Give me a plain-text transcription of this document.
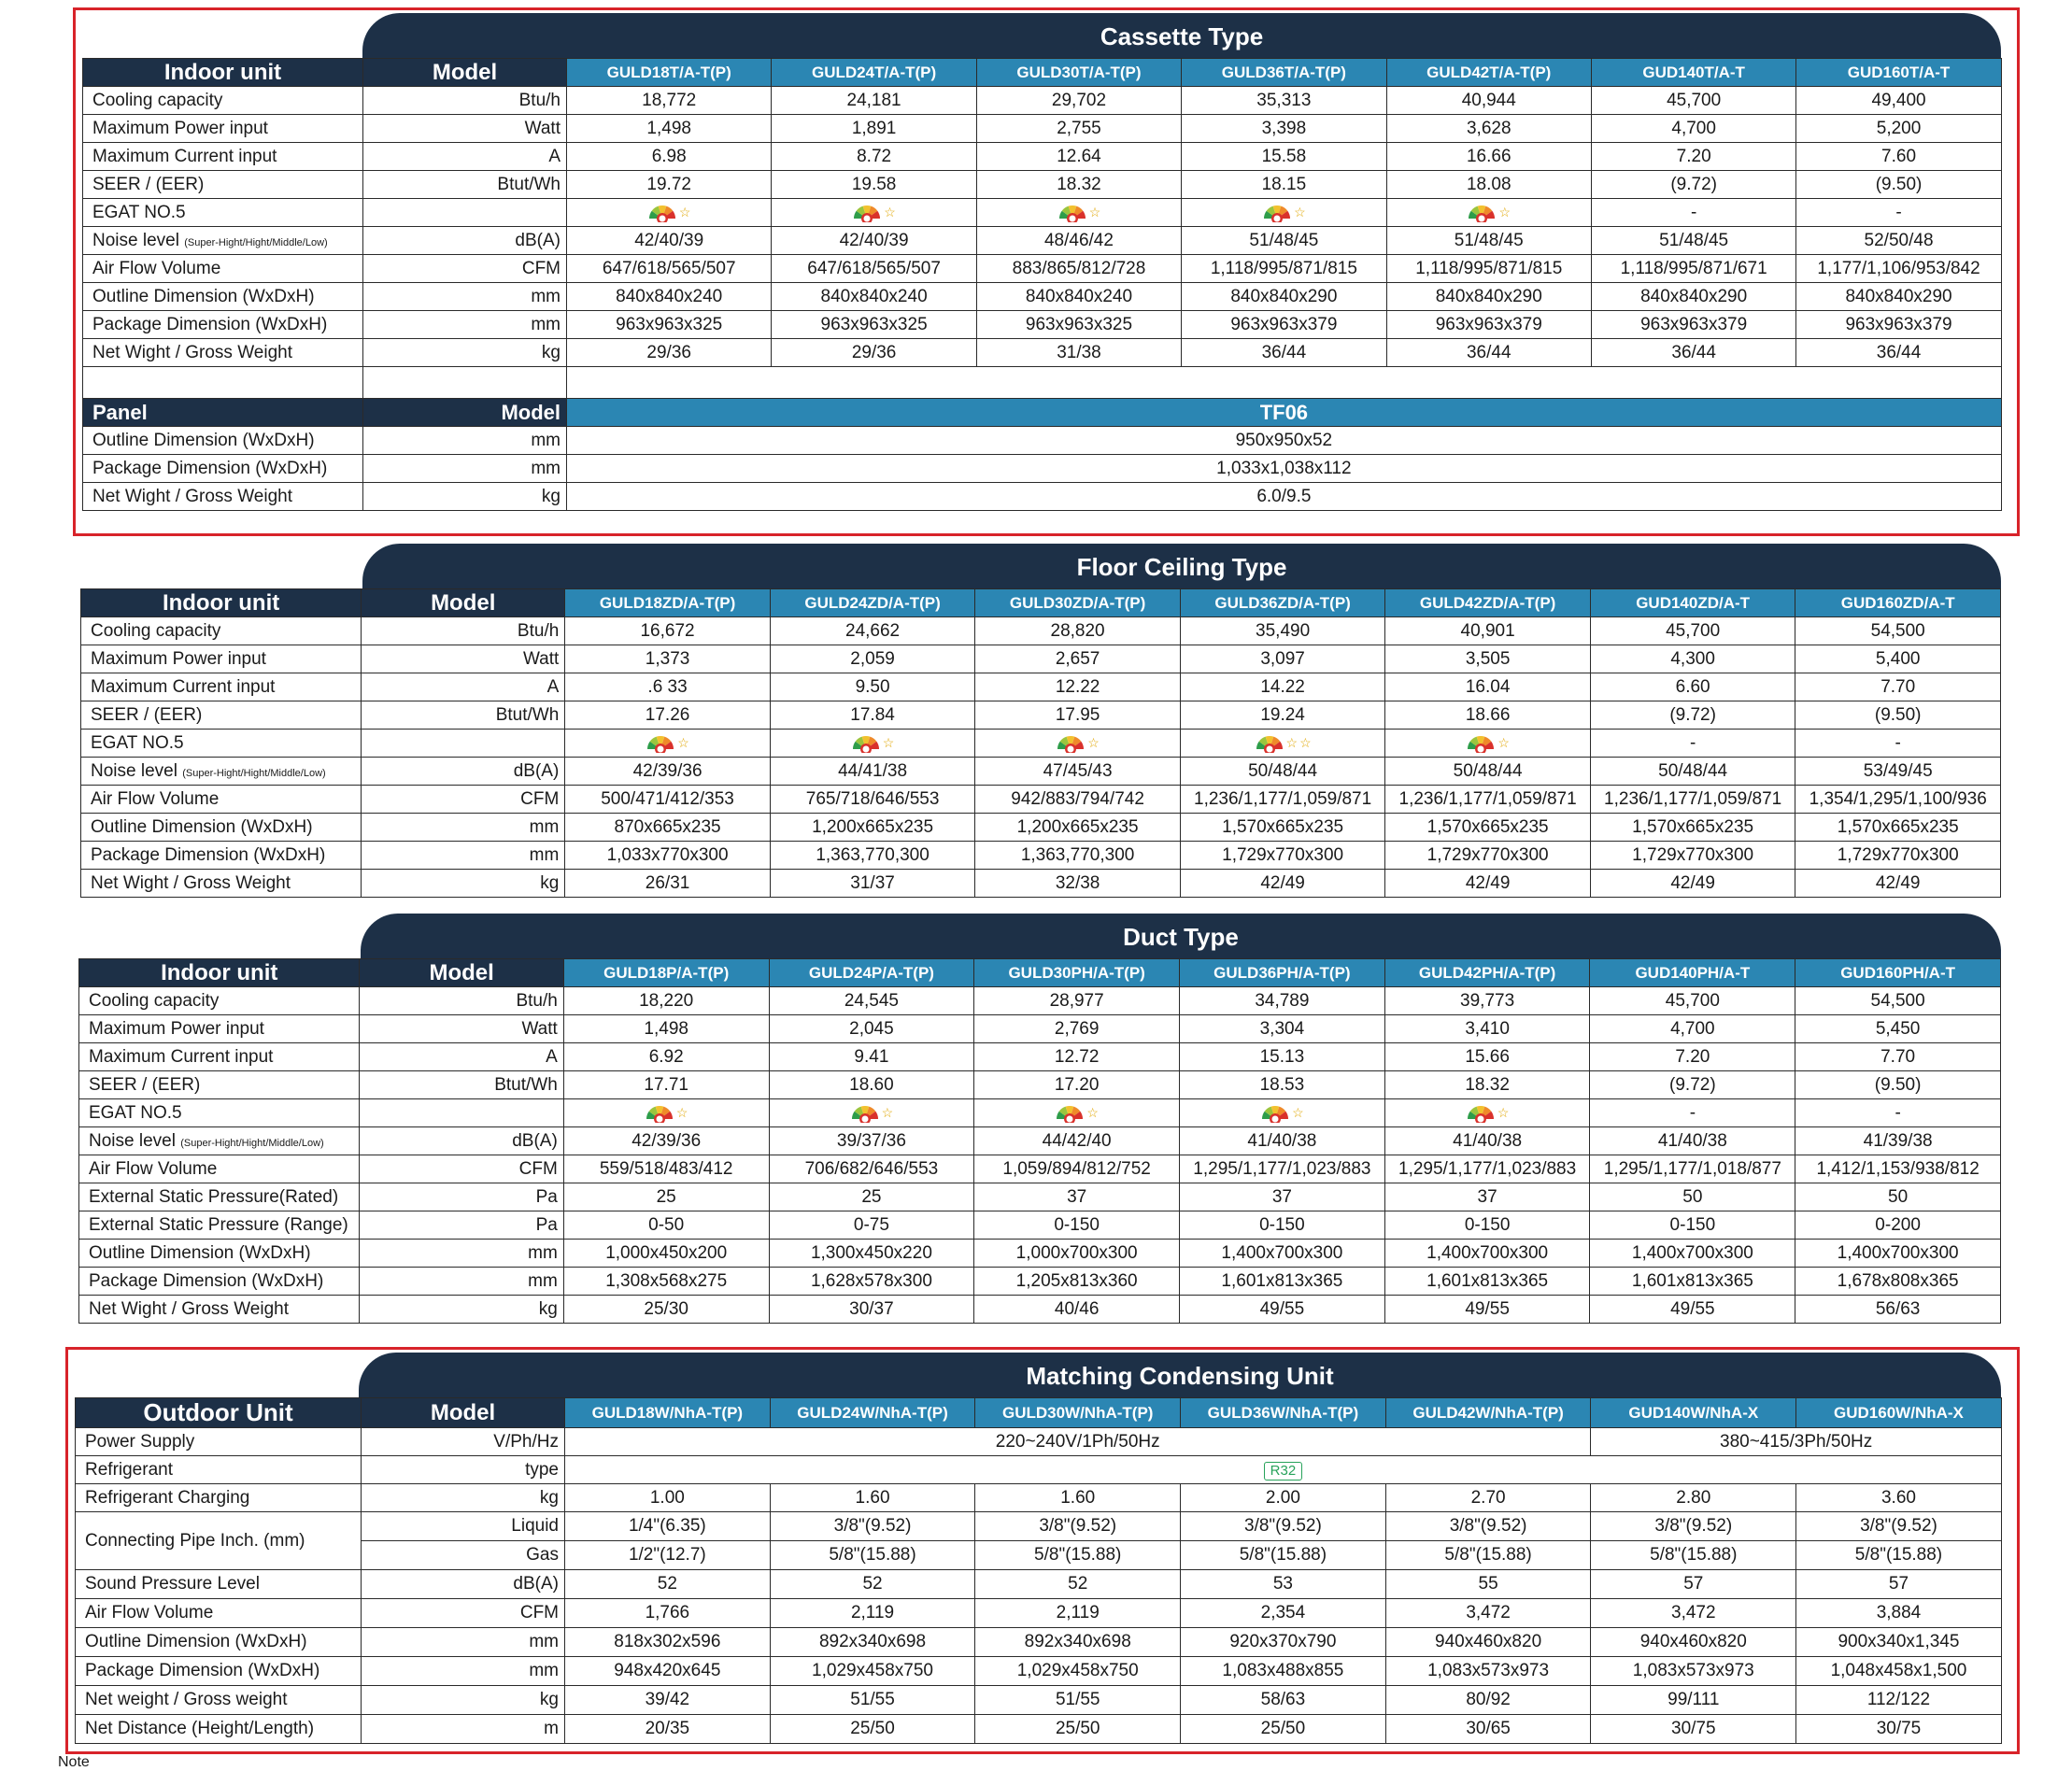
Cassette Type
Indoor unit	Model	GULD18T/A-T(P)	GULD24T/A-T(P)	GULD30T/A-T(P)	GULD36T/A-T(P)	GULD42T/A-T(P)	GUD140T/A-T	GUD160T/A-T
Cooling capacity	Btu/h	18,772	24,181	29,702	35,313	40,944	45,700	49,400
Maximum Power input	Watt	1,498	1,891	2,755	3,398	3,628	4,700	5,200
Maximum Current input	A	6.98	8.72	12.64	15.58	16.66	7.20	7.60
SEER / (EER)	Btut/Wh	19.72	19.58	18.32	18.15	18.08	(9.72)	(9.50)
EGAT NO.5		☆	☆	☆	☆	☆	-	-
Noise level (Super-Hight/Hight/Middle/Low)	dB(A)	42/40/39	42/40/39	48/46/42	51/48/45	51/48/45	51/48/45	52/50/48
Air Flow Volume	CFM	647/618/565/507	647/618/565/507	883/865/812/728	1,118/995/871/815	1,118/995/871/815	1,118/995/871/671	1,177/1,106/953/842
Outline Dimension (WxDxH)	mm	840x840x240	840x840x240	840x840x240	840x840x290	840x840x290	840x840x290	840x840x290
Package Dimension (WxDxH)	mm	963x963x325	963x963x325	963x963x325	963x963x379	963x963x379	963x963x379	963x963x379
Net Wight / Gross Weight	kg	29/36	29/36	31/38	36/44	36/44	36/44	36/44

Panel	Model	TF06						
Outline Dimension (WxDxH)	mm	950x950x52						
Package Dimension (WxDxH)	mm	1,033x1,038x112						
Net Wight / Gross Weight	kg	6.0/9.5						
Floor Ceiling Type
Indoor unit	Model	GULD18ZD/A-T(P)	GULD24ZD/A-T(P)	GULD30ZD/A-T(P)	GULD36ZD/A-T(P)	GULD42ZD/A-T(P)	GUD140ZD/A-T	GUD160ZD/A-T
Cooling capacity	Btu/h	16,672	24,662	28,820	35,490	40,901	45,700	54,500
Maximum Power input	Watt	1,373	2,059	2,657	3,097	3,505	4,300	5,400
Maximum Current input	A	.6 33	9.50	12.22	14.22	16.04	6.60	7.70
SEER / (EER)	Btut/Wh	17.26	17.84	17.95	19.24	18.66	(9.72)	(9.50)
EGAT NO.5		☆	☆	☆	☆ ☆	☆	-	-
Noise level (Super-Hight/Hight/Middle/Low)	dB(A)	42/39/36	44/41/38	47/45/43	50/48/44	50/48/44	50/48/44	53/49/45
Air Flow Volume	CFM	500/471/412/353	765/718/646/553	942/883/794/742	1,236/1,177/1,059/871	1,236/1,177/1,059/871	1,236/1,177/1,059/871	1,354/1,295/1,100/936
Outline Dimension (WxDxH)	mm	870x665x235	1,200x665x235	1,200x665x235	1,570x665x235	1,570x665x235	1,570x665x235	1,570x665x235
Package Dimension (WxDxH)	mm	1,033x770x300	1,363,770,300	1,363,770,300	1,729x770x300	1,729x770x300	1,729x770x300	1,729x770x300
Net Wight / Gross Weight	kg	26/31	31/37	32/38	42/49	42/49	42/49	42/49
Duct Type
Indoor unit	Model	GULD18P/A-T(P)	GULD24P/A-T(P)	GULD30PH/A-T(P)	GULD36PH/A-T(P)	GULD42PH/A-T(P)	GUD140PH/A-T	GUD160PH/A-T
Cooling capacity	Btu/h	18,220	24,545	28,977	34,789	39,773	45,700	54,500
Maximum Power input	Watt	1,498	2,045	2,769	3,304	3,410	4,700	5,450
Maximum Current input	A	6.92	9.41	12.72	15.13	15.66	7.20	7.70
SEER / (EER)	Btut/Wh	17.71	18.60	17.20	18.53	18.32	(9.72)	(9.50)
EGAT NO.5		☆	☆	☆	☆	☆	-	-
Noise level (Super-Hight/Hight/Middle/Low)	dB(A)	42/39/36	39/37/36	44/42/40	41/40/38	41/40/38	41/40/38	41/39/38
Air Flow Volume	CFM	559/518/483/412	706/682/646/553	1,059/894/812/752	1,295/1,177/1,023/883	1,295/1,177/1,023/883	1,295/1,177/1,018/877	1,412/1,153/938/812
External Static Pressure(Rated)	Pa	25	25	37	37	37	50	50
External Static Pressure (Range)	Pa	0-50	0-75	0-150	0-150	0-150	0-150	0-200
Outline Dimension (WxDxH)	mm	1,000x450x200	1,300x450x220	1,000x700x300	1,400x700x300	1,400x700x300	1,400x700x300	1,400x700x300
Package Dimension (WxDxH)	mm	1,308x568x275	1,628x578x300	1,205x813x360	1,601x813x365	1,601x813x365	1,601x813x365	1,678x808x365
Net Wight / Gross Weight	kg	25/30	30/37	40/46	49/55	49/55	49/55	56/63
Matching Condensing Unit
Outdoor Unit	Model	GULD18W/NhA-T(P)	GULD24W/NhA-T(P)	GULD30W/NhA-T(P)	GULD36W/NhA-T(P)	GULD42W/NhA-T(P)	GUD140W/NhA-X	GUD160W/NhA-X
Power Supply	V/Ph/Hz	220~240V/1Ph/50Hz					380~415/3Ph/50Hz	
Refrigerant	type	R32						
Refrigerant Charging	kg	1.00	1.60	1.60	2.00	2.70	2.80	3.60
Connecting Pipe Inch. (mm)	Liquid	1/4"(6.35)	3/8"(9.52)	3/8"(9.52)	3/8"(9.52)	3/8"(9.52)	3/8"(9.52)	3/8"(9.52)
	Gas	1/2"(12.7)	5/8"(15.88)	5/8"(15.88)	5/8"(15.88)	5/8"(15.88)	5/8"(15.88)	5/8"(15.88)
Sound Pressure Level	dB(A)	52	52	52	53	55	57	57
Air Flow Volume	CFM	1,766	2,119	2,119	2,354	3,472	3,472	3,884
Outline Dimension (WxDxH)	mm	818x302x596	892x340x698	892x340x698	920x370x790	940x460x820	940x460x820	900x340x1,345
Package Dimension (WxDxH)	mm	948x420x645	1,029x458x750	1,029x458x750	1,083x488x855	1,083x573x973	1,083x573x973	1,048x458x1,500
Net weight / Gross weight	kg	39/42	51/55	51/55	58/63	80/92	99/111	112/122
Net Distance (Height/Length)	m	20/35	25/50	25/50	25/50	30/65	30/75	30/75
Note
